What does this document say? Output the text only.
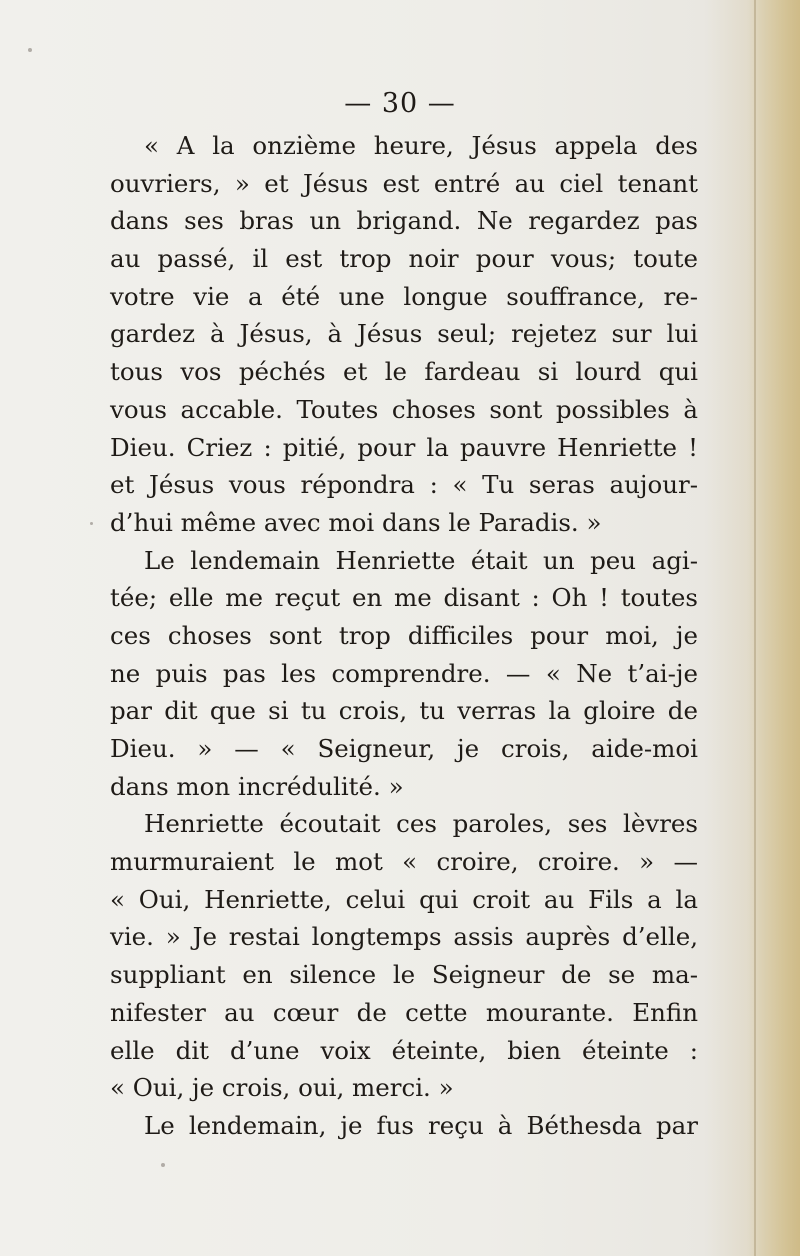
— 30 —
« A la onzième heure, Jésus appela des
ouvriers, » et Jésus est entré au ciel tenant
dans ses bras un brigand. Ne regardez pas
au passé, il est trop noir pour vous; toute
votre vie a été une longue souffrance, re-
gardez à Jésus, à Jésus seul; rejetez sur lui
tous vos péchés et le fardeau si lourd qui
vous accable. Toutes choses sont possibles à
Dieu. Criez : pitié, pour la pauvre Henriette !
et Jésus vous répondra : « Tu seras aujour-
d’hui même avec moi dans le Paradis. »
Le lendemain Henriette était un peu agi-
tée; elle me reçut en me disant : Oh ! toutes
ces choses sont trop difficiles pour moi, je
ne puis pas les comprendre. — « Ne t’ai-je
par dit que si tu crois, tu verras la gloire de
Dieu. » — « Seigneur, je crois, aide-moi
dans mon incrédulité. »
Henriette écoutait ces paroles, ses lèvres
murmuraient le mot « croire, croire. » —
« Oui, Henriette, celui qui croit au Fils a la
vie. » Je restai longtemps assis auprès d’elle,
suppliant en silence le Seigneur de se ma-
nifester au cœur de cette mourante. Enfin
elle dit d’une voix éteinte, bien éteinte :
« Oui, je crois, oui, merci. »
Le lendemain, je fus reçu à Béthesda par
